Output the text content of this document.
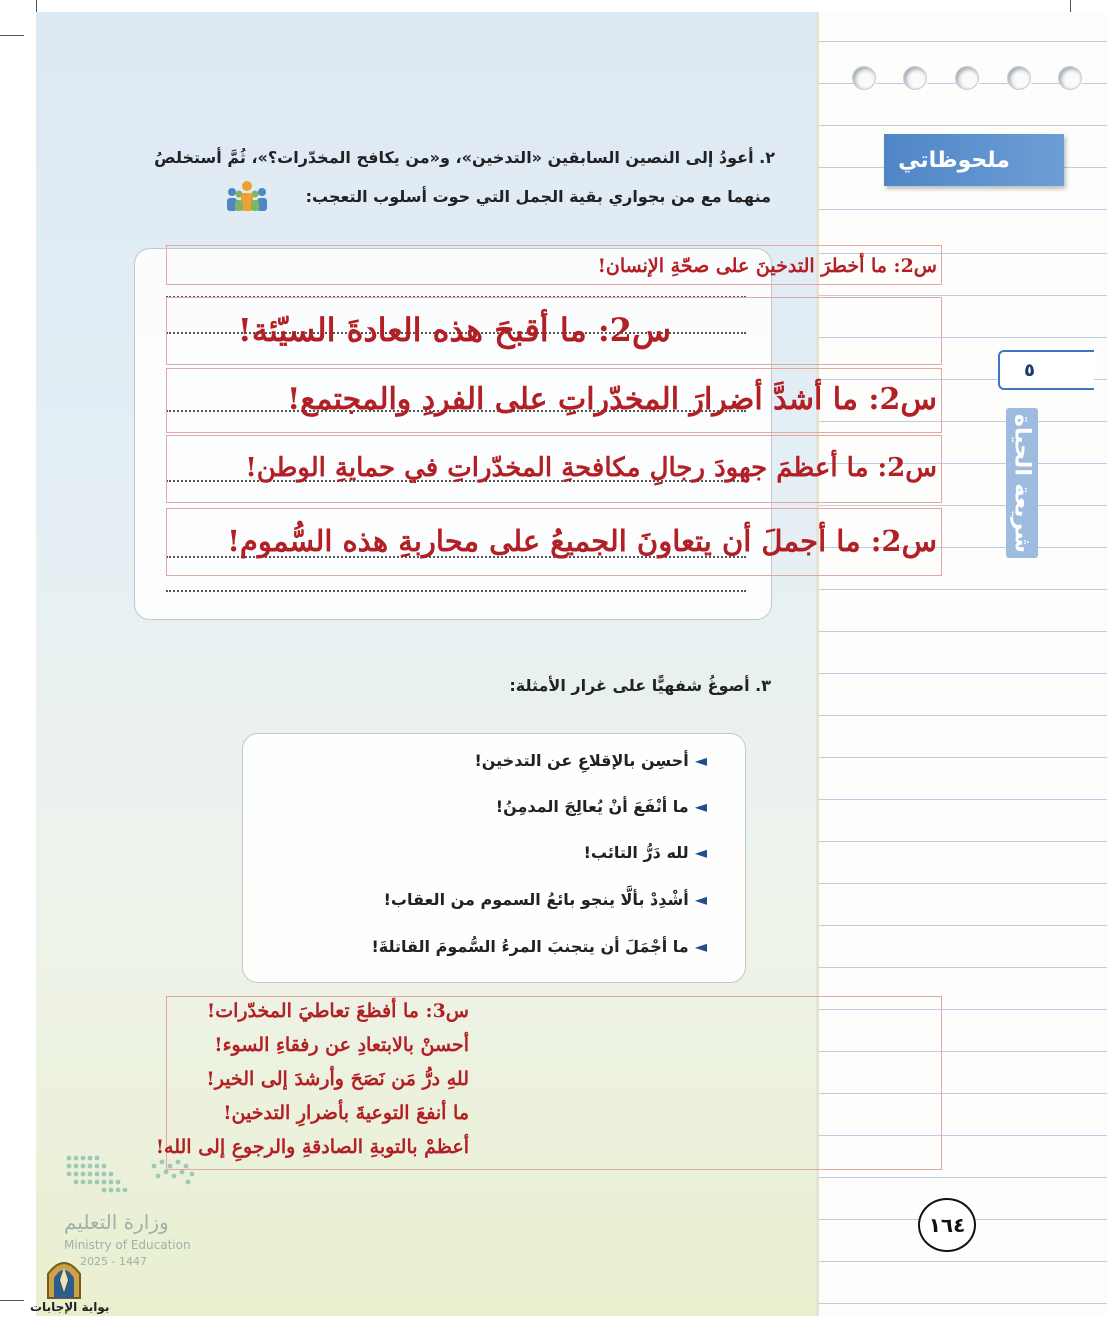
ملحوظاتي
٥
شريعة الحياة
١٦٤
٢. أعودُ إلى النصين السابقين «التدخين»، و«من يكافح المخدّرات؟»، ثُمَّ أستخلصُ
منهما مع من بجواري بقية الجمل التي حوت أسلوب التعجب:
س2: ما أخطرَ التدخينَ على صحّةِ الإنسان!
س2: ما أقبحَ هذه العادةَ السيّئة!
س2: ما أشدَّ أضرارَ المخدّراتِ على الفردِ والمجتمع!
س2: ما أعظمَ جهودَ رجالِ مكافحةِ المخدّراتِ في حمايةِ الوطن!
س2: ما أجملَ أن يتعاونَ الجميعُ على محاربةِ هذه السُّموم!
٣. أصوغُ شفهيًّا على غرار الأمثلة:
◄أحسِن بالإقلاعِ عن التدخين!
◄ما أنْفَعَ أنْ يُعالِجَ المدمِنُ!
◄لله دَرُّ التائب!
◄أشْدِدْ بألَّا ينجو بائعُ السموم من العقاب!
◄ما أجْمَلَ أن يتجنبَ المرءُ السُّمومَ القاتلةَ!
س3: ما أفظعَ تعاطيَ المخدّرات!
أحسنْ بالابتعادِ عن رفقاءِ السوء!
للهِ درُّ مَن نَصَحَ وأرشدَ إلى الخير!
ما أنفعَ التوعيةَ بأضرارِ التدخين!
أعظمْ بالتوبةِ الصادقةِ والرجوعِ إلى الله!
وزارة التعليم
Ministry of Education
2025 - 1447
بوابة الإجابات
